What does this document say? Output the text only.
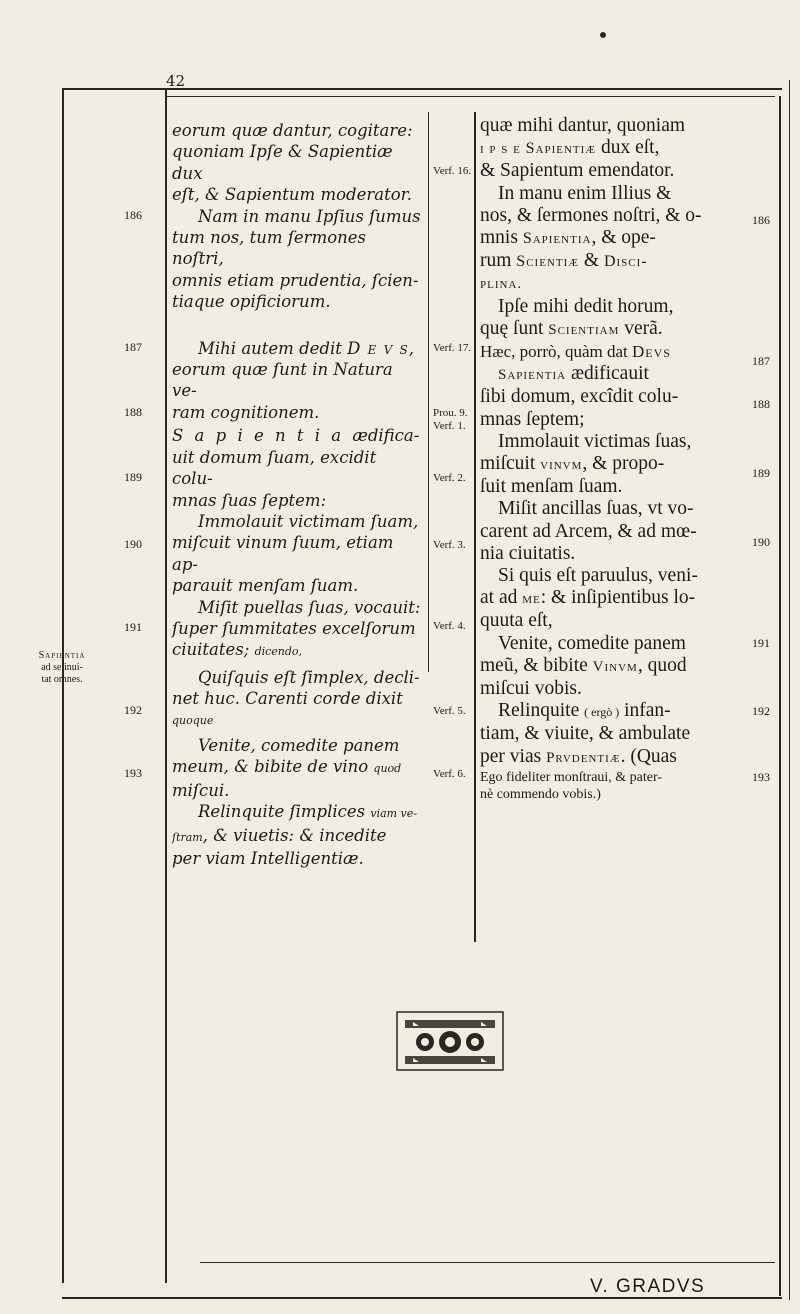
42
186
187
188
189
190
191
192
193
186
187
188
189
190
191
192
193
Verf. 16.
Verf. 17.
Prou. 9.
Verf. 1.
Verf. 2.
Verf. 3.
Verf. 4.
Verf. 5.
Verf. 6.
Sapientia
ad se inui-
tat omnes.

eorum quæ dantur, cogitare:

quoniam Ipſe & Sapientiæ dux

eſt, & Sapientum moderator.

Nam in manu Ipſius ſumus

tum nos, tum ſermones noſtri,

omnis etiam prudentia, ſcien-

tiaque opificiorum.

Mihi autem dedit D e v s,

eorum quæ ſunt in Natura ve-

ram cognitionem.

S a p i e n t i a ædifica-

uit domum ſuam, excidit colu-

mnas ſuas ſeptem:

Immolauit victimam ſuam,

miſcuit vinum ſuum, etiam ap-

parauit menſam ſuam.

Miſit puellas ſuas, vocauit:

ſuper ſummitates excelſorum

ciuitates; dicendo,

Quiſquis eſt ſimplex, decli-

net huc. Carenti corde dixit

quoque

Venite, comedite panem

meum, & bibite de vino quod

miſcui.

Relinquite ſimplices viam ve-

ſtram, & viuetis: & incedite

per viam Intelligentiæ.

quæ mihi dantur, quoniam

i p s e Sapientiæ dux eſt,

& Sapientum emendator.

In manu enim Illius &

nos, & ſermones noſtri, & o-

mnis Sapientia, & ope-

rum Scientiæ & Disci-

plina.

Ipſe mihi dedit horum,

quę ſunt Scientiam verã.

Hæc, porrò, quàm dat Devs

Sapientia ædificauit

ſibi domum, excîdit colu-

mnas ſeptem;

Immolauit victimas ſuas,

miſcuit vinvm, & propo-

ſuit menſam ſuam.

Miſit ancillas ſuas, vt vo-

carent ad Arcem, & ad mœ-

nia ciuitatis.

Si quis eſt paruulus, veni-

at ad me: & inſipientibus lo-

quuta eſt,

Venite, comedite panem

meũ, & bibite Vinvm, quod

miſcui vobis.

Relinquite ( ergò ) infan-

tiam, & viuite, & ambulate

per vias Prvdentiæ. (Quas

Ego fideliter monſtraui, & pater-

nè commendo vobis.)

V. GRADVS
